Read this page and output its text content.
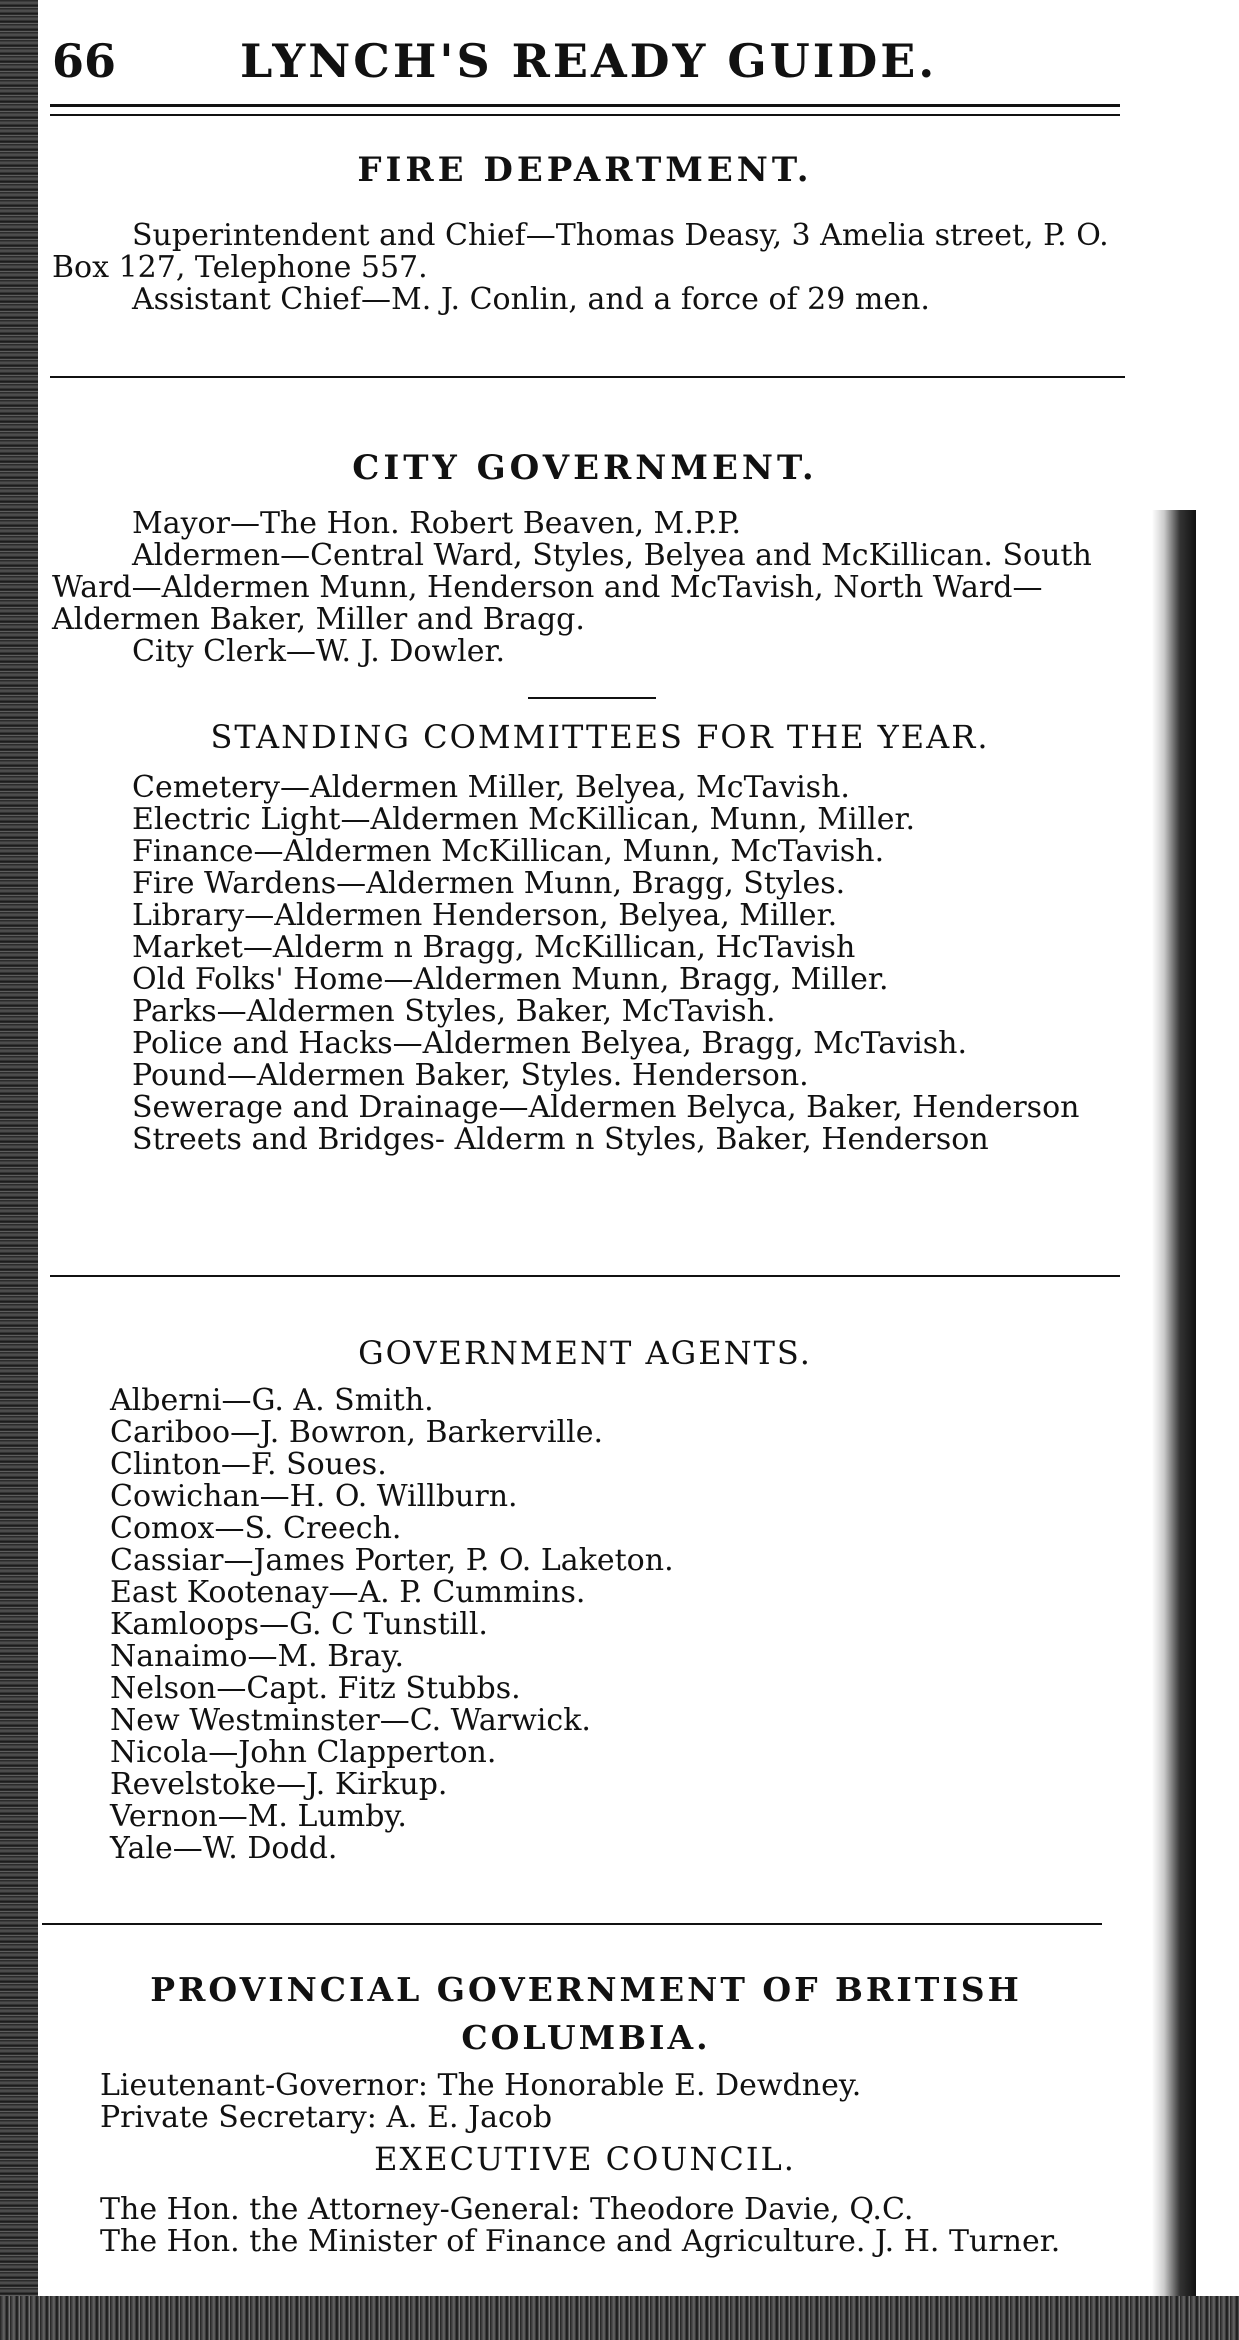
66	LYNCH'S READY GUIDE.
FIRE DEPARTMENT.

Superintendent and Chief—Thomas Deasy, 3 Amelia street, P. O. Box 127, Telephone 557.

Assistant Chief—M. J. Conlin, and a force of 29 men.

CITY GOVERNMENT.

Mayor—The Hon. Robert Beaven, M.P.P.

Aldermen—Central Ward, Styles, Belyea and McKillican. South Ward—Aldermen Munn, Henderson and McTavish, North Ward—Aldermen Baker, Miller and Bragg.

City Clerk—W. J. Dowler.

STANDING COMMITTEES FOR THE YEAR.
Cemetery—Aldermen Miller, Belyea, McTavish.
Electric Light—Aldermen McKillican, Munn, Miller.
Finance—Aldermen McKillican, Munn, McTavish.
Fire Wardens—Aldermen Munn, Bragg, Styles.
Library—Aldermen Henderson, Belyea, Miller.
Market—Alderm n Bragg, McKillican, HcTavish
Old Folks' Home—Aldermen Munn, Bragg, Miller.
Parks—Aldermen Styles, Baker, McTavish.
Police and Hacks—Aldermen Belyea, Bragg, McTavish.
Pound—Aldermen Baker, Styles. Henderson.
Sewerage and Drainage—Aldermen Belyca, Baker, Henderson
Streets and Bridges- Alderm n Styles, Baker, Henderson
GOVERNMENT AGENTS.
Alberni—G. A. Smith.
Cariboo—J. Bowron, Barkerville.
Clinton—F. Soues.
Cowichan—H. O. Willburn.
Comox—S. Creech.
Cassiar—James Porter, P. O. Laketon.
East Kootenay—A. P. Cummins.
Kamloops—G. C Tunstill.
Nanaimo—M. Bray.
Nelson—Capt. Fitz Stubbs.
New Westminster—C. Warwick.
Nicola—John Clapperton.
Revelstoke—J. Kirkup.
Vernon—M. Lumby.
Yale—W. Dodd.
PROVINCIAL GOVERNMENT OF BRITISH
COLUMBIA.

Lieutenant-Governor: The Honorable E. Dewdney.

Private Secretary: A. E. Jacob

EXECUTIVE COUNCIL.
The Hon. the Attorney-General: Theodore Davie, Q.C.
The Hon. the Minister of Finance and Agriculture. J. H. Turner.
